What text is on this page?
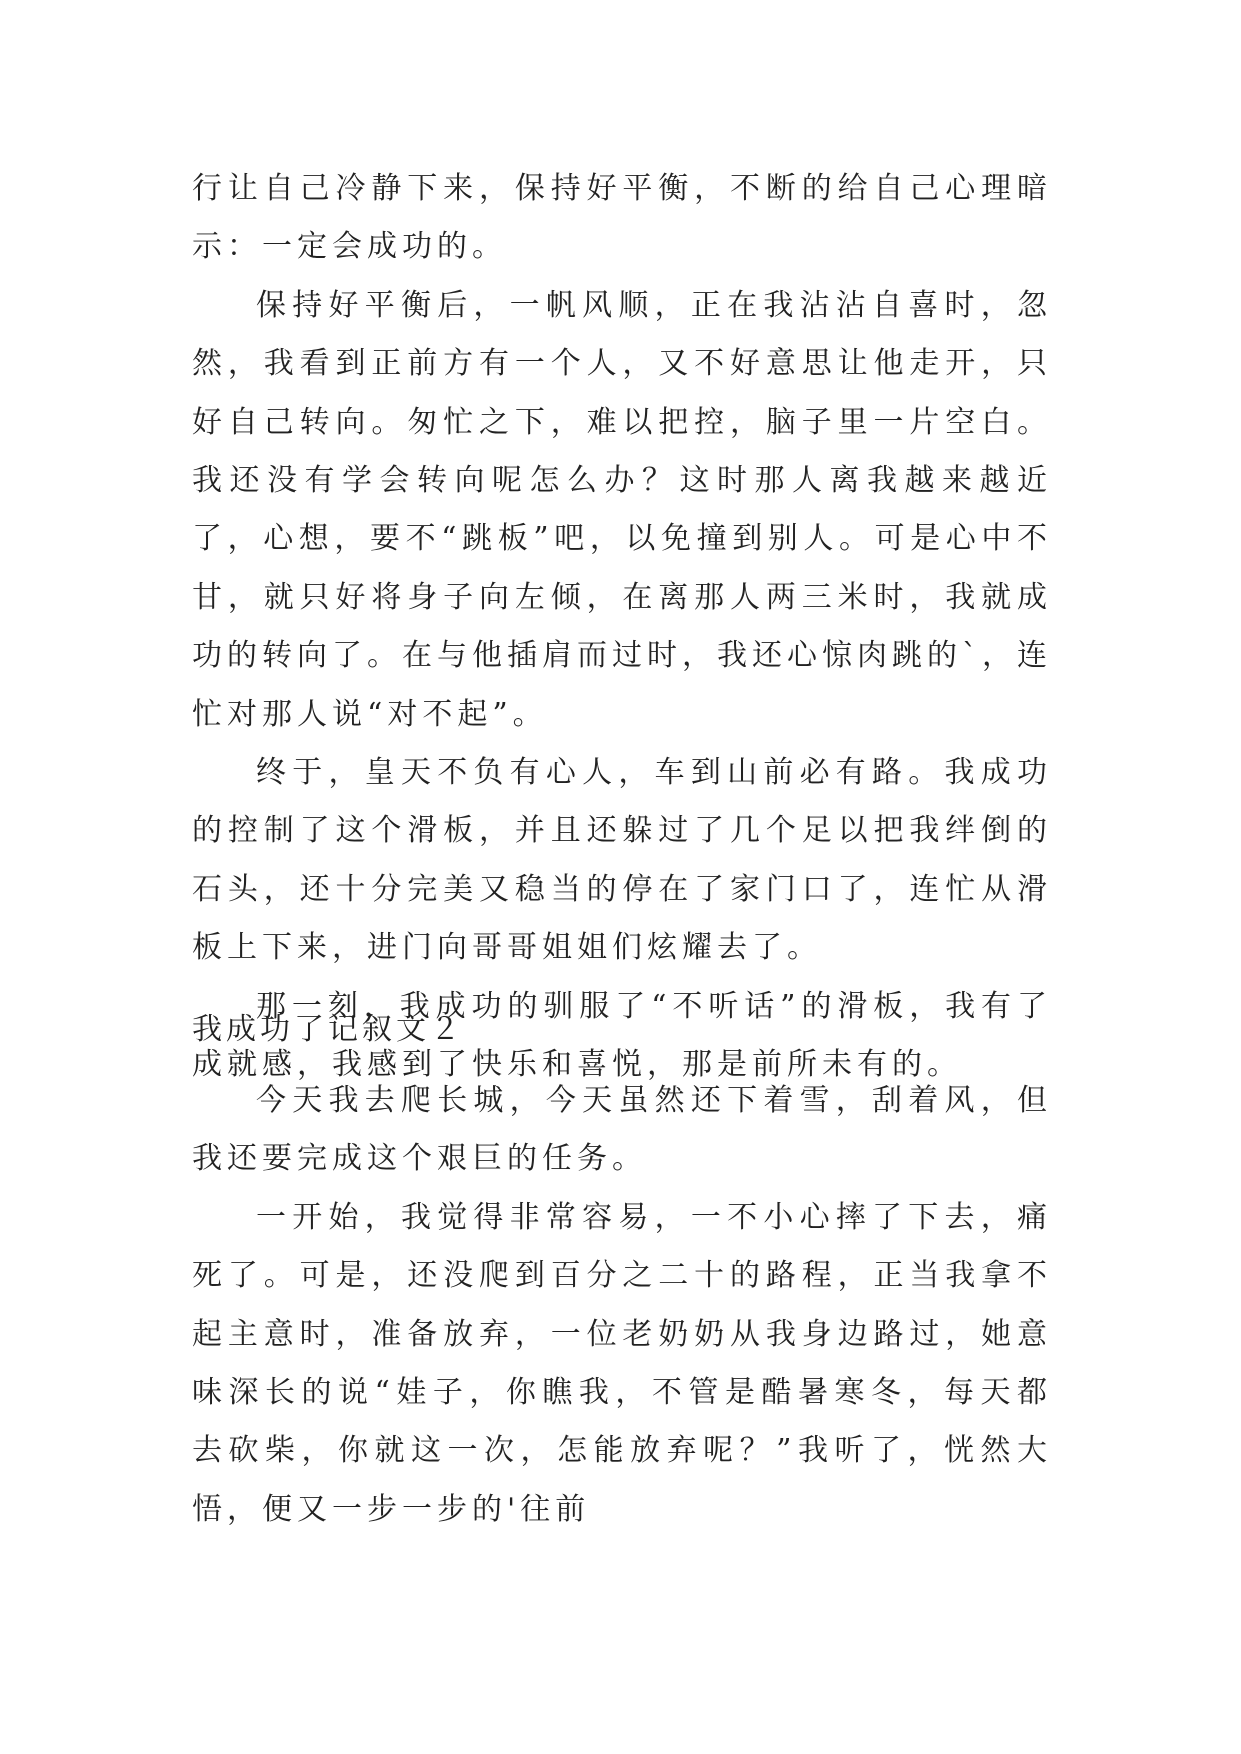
行让自己冷静下来，保持好平衡，不断的给自己心理暗示：一定会成功的。

保持好平衡后，一帆风顺，正在我沾沾自喜时，忽然，我看到正前方有一个人，又不好意思让他走开，只好自己转向。匆忙之下，难以把控，脑子里一片空白。我还没有学会转向呢怎么办？这时那人离我越来越近了，心想，要不“跳板”吧，以免撞到别人。可是心中不甘，就只好将身子向左倾，在离那人两三米时，我就成功的转向了。在与他插肩而过时，我还心惊肉跳的`，连忙对那人说“对不起”。

终于，皇天不负有心人，车到山前必有路。我成功的控制了这个滑板，并且还躲过了几个足以把我绊倒的石头，还十分完美又稳当的停在了家门口了，连忙从滑板上下来，进门向哥哥姐姐们炫耀去了。

那一刻，我成功的驯服了“不听话”的滑板，我有了成就感，我感到了快乐和喜悦，那是前所未有的。

我成功了记叙文２

今天我去爬长城，今天虽然还下着雪，刮着风，但我还要完成这个艰巨的任务。

一开始，我觉得非常容易，一不小心摔了下去，痛死了。可是，还没爬到百分之二十的路程，正当我拿不起主意时，准备放弃，一位老奶奶从我身边路过，她意味深长的说“娃子，你瞧我，不管是酷暑寒冬，每天都去砍柴，你就这一次，怎能放弃呢？”我听了，恍然大悟，便又一步一步的'往前
